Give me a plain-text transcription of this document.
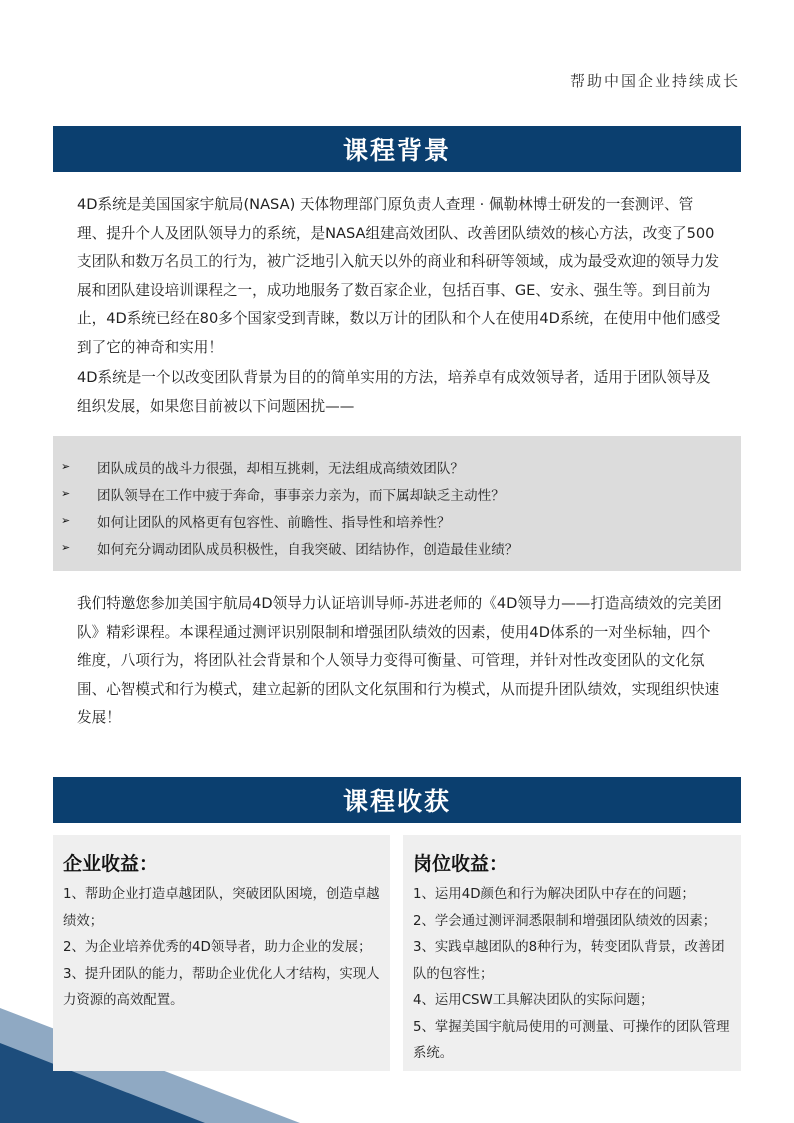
帮助中国企业持续成长
课程背景

4D系统是美国国家宇航局(NASA) 天体物理部门原负责人查理 · 佩勒林博士研发的一套测评、管理、提升个人及团队领导力的系统，是NASA组建高效团队、改善团队绩效的核心方法，改变了500支团队和数万名员工的行为，被广泛地引入航天以外的商业和科研等领域，成为最受欢迎的领导力发展和团队建设培训课程之一，成功地服务了数百家企业，包括百事、GE、安永、强生等。到目前为止，4D系统已经在80多个国家受到青睐，数以万计的团队和个人在使用4D系统，在使用中他们感受到了它的神奇和实用！

4D系统是一个以改变团队背景为目的的简单实用的方法，培养卓有成效领导者，适用于团队领导及组织发展，如果您目前被以下问题困扰——

➢	团队成员的战斗力很强，却相互挑刺，无法组成高绩效团队？
➢	团队领导在工作中疲于奔命，事事亲力亲为，而下属却缺乏主动性？
➢	如何让团队的风格更有包容性、前瞻性、指导性和培养性？
➢	如何充分调动团队成员积极性，自我突破、团结协作，创造最佳业绩？

我们特邀您参加美国宇航局4D领导力认证培训导师-苏进老师的《4D领导力——打造高绩效的完美团队》精彩课程。本课程通过测评识别限制和增强团队绩效的因素，使用4D体系的一对坐标轴，四个维度，八项行为，将团队社会背景和个人领导力变得可衡量、可管理，并针对性改变团队的文化氛围、心智模式和行为模式，建立起新的团队文化氛围和行为模式，从而提升团队绩效，实现组织快速发展！

课程收获
企业收益：
1、帮助企业打造卓越团队，突破团队困境，创造卓越绩效；
2、为企业培养优秀的4D领导者，助力企业的发展；
3、提升团队的能力，帮助企业优化人才结构，实现人力资源的高效配置。
岗位收益：
1、运用4D颜色和行为解决团队中存在的问题；
2、学会通过测评洞悉限制和增强团队绩效的因素；
3、实践卓越团队的8种行为，转变团队背景，改善团队的包容性；
4、运用CSW工具解决团队的实际问题；
5、掌握美国宇航局使用的可测量、可操作的团队管理系统。
